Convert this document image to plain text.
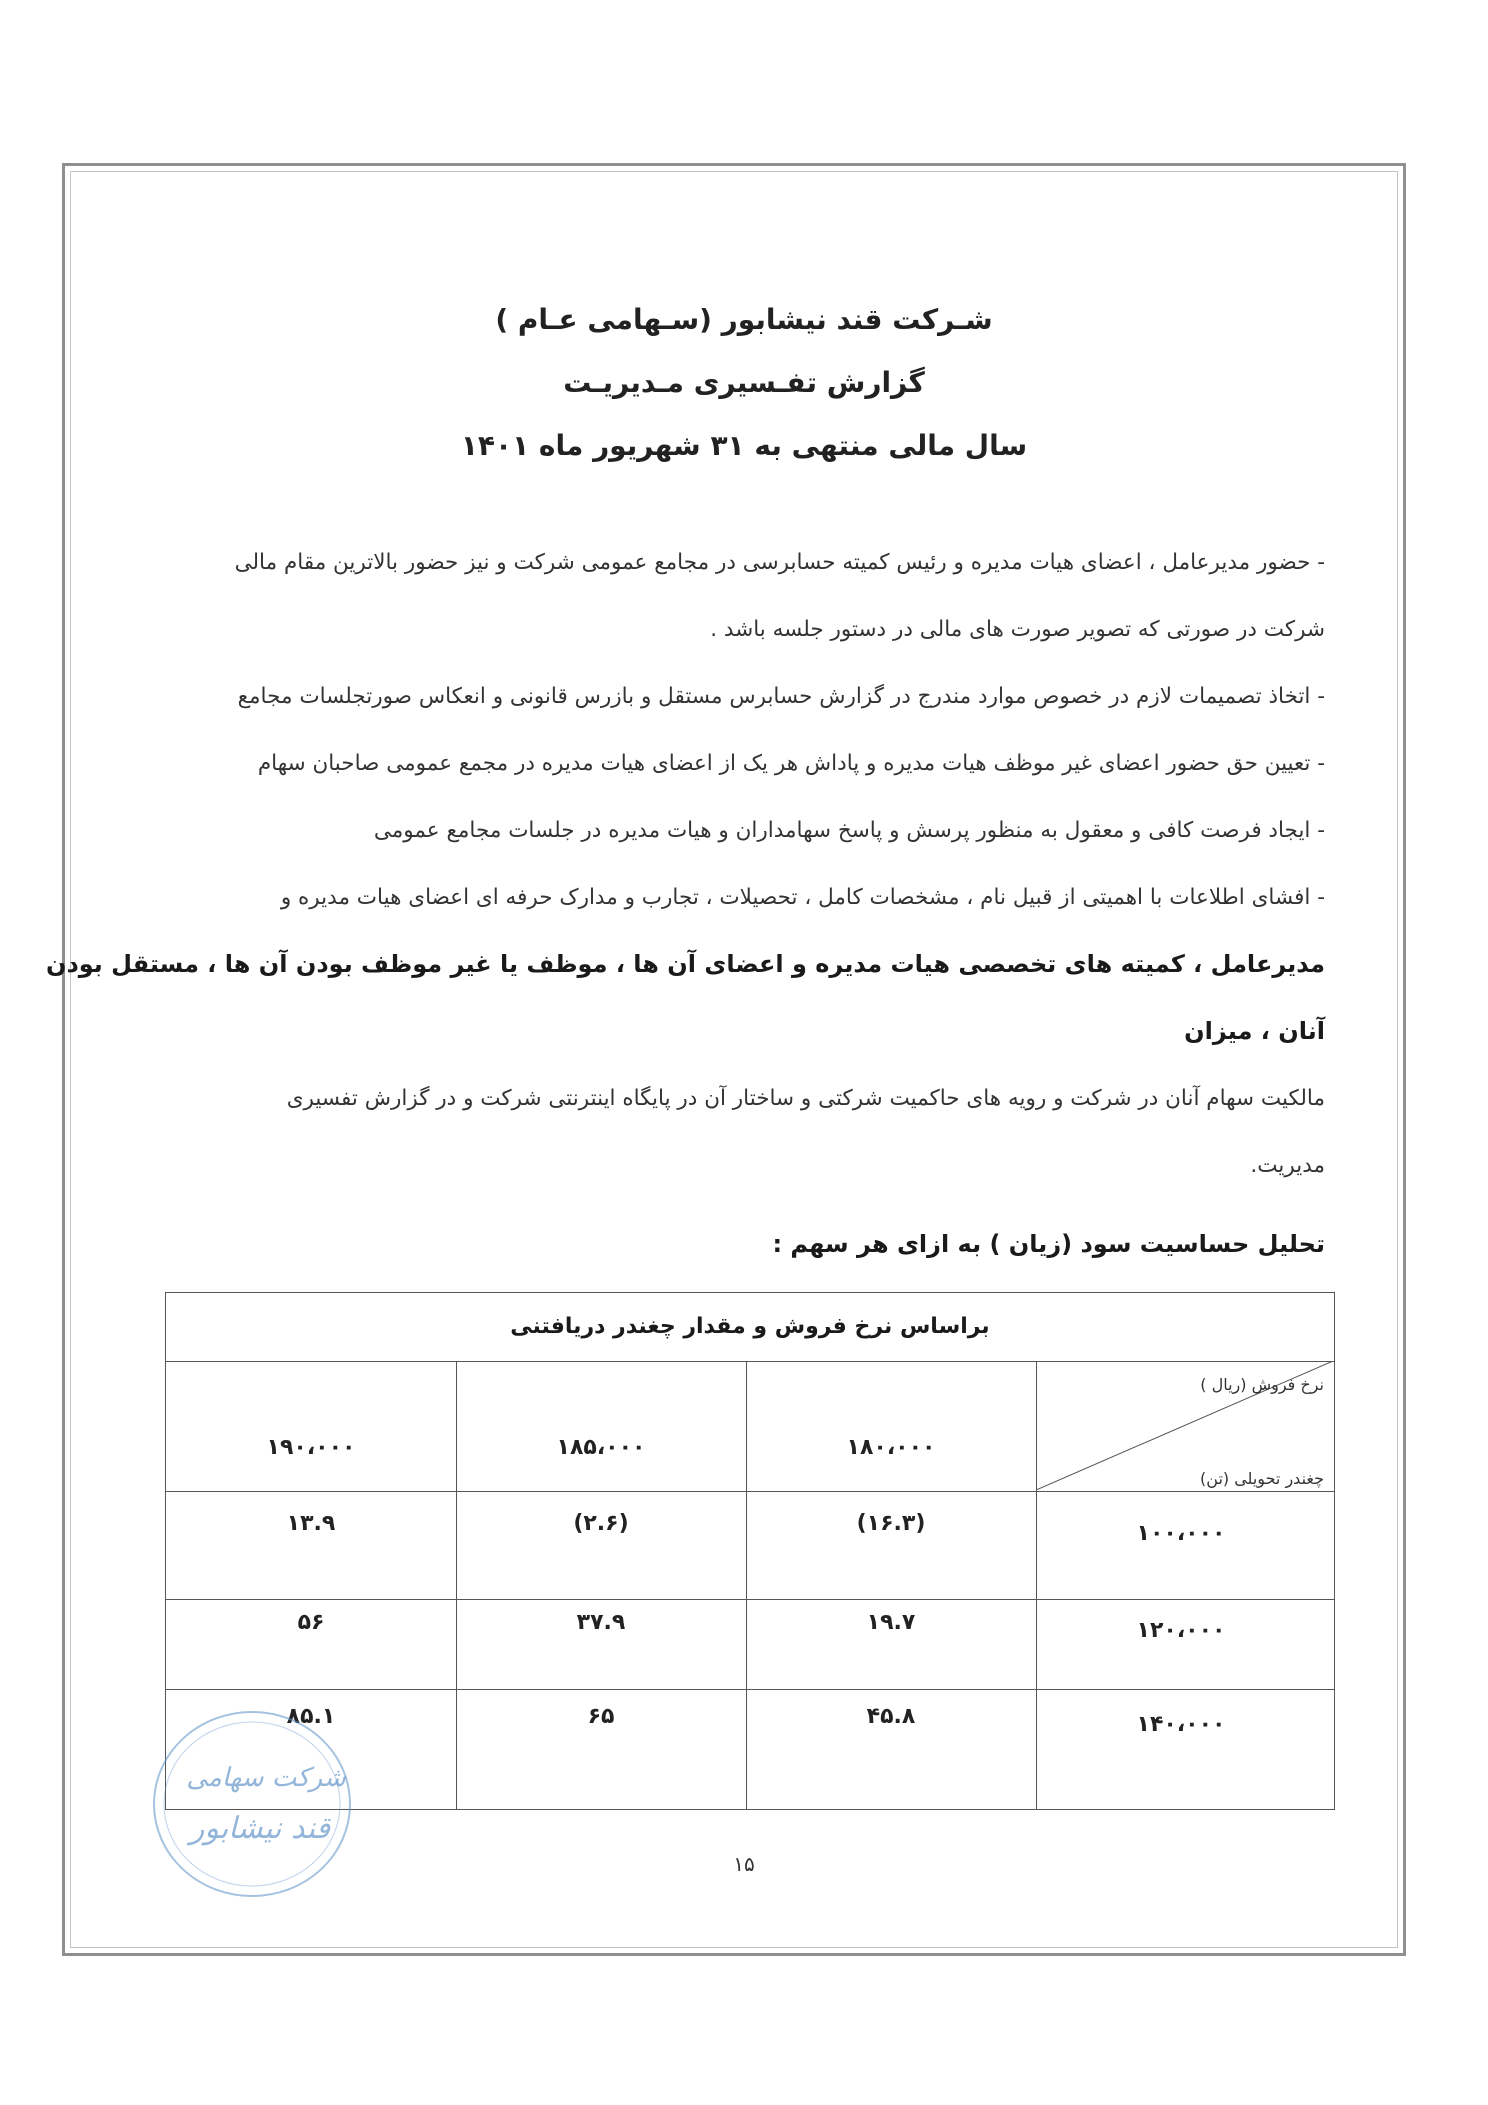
شـرکت قند نیشابور (سـهامی عـام )
گزارش تفـسیری مـدیریـت
سال مالی منتهی به ۳۱ شهریور ماه ۱۴۰۱

- حضور مدیرعامل ، اعضای هیات مدیره و رئیس کمیته حسابرسی در مجامع عمومی شرکت و نیز حضور بالاترین مقام مالی

شرکت در صورتی که تصویر صورت های مالی در دستور جلسه باشد .

- اتخاذ تصمیمات لازم در خصوص موارد مندرج در گزارش حسابرس مستقل و بازرس قانونی و انعکاس صورتجلسات مجامع

- تعیین حق حضور اعضای غیر موظف هیات مدیره و پاداش هر یک از اعضای هیات مدیره در مجمع عمومی صاحبان سهام

- ایجاد فرصت کافی و معقول به منظور پرسش و پاسخ سهامداران و هیات مدیره در جلسات مجامع عمومی

- افشای اطلاعات با اهمیتی از قبیل نام ، مشخصات کامل ، تحصیلات ، تجارب و مدارک حرفه ای اعضای هیات مدیره و

مدیرعامل ، کمیته های تخصصی هیات مدیره و اعضای آن ها ، موظف یا غیر موظف بودن آن ها ، مستقل بودن

آنان ، میزان

مالکیت سهام آنان در شرکت و رویه های حاکمیت شرکتی و ساختار آن در پایگاه اینترنتی شرکت و در گزارش تفسیری

مدیریت.

تحلیل حساسیت سود (زیان ) به ازای هر سهم :
براساس نرخ فروش و مقدار چغندر دریافتنی
نرخ فروش (ریال )
چغندر تحویلی (تن)
۱۸۰،۰۰۰
۱۸۵،۰۰۰
۱۹۰،۰۰۰
۱۰۰،۰۰۰
(۱۶.۳)
(۲.۶)
۱۳.۹
۱۲۰،۰۰۰
۱۹.۷
۳۷.۹
۵۶
۱۴۰،۰۰۰
۴۵.۸
۶۵
۸۵.۱
شرکت سهامی
قند نیشابور
۱۵
